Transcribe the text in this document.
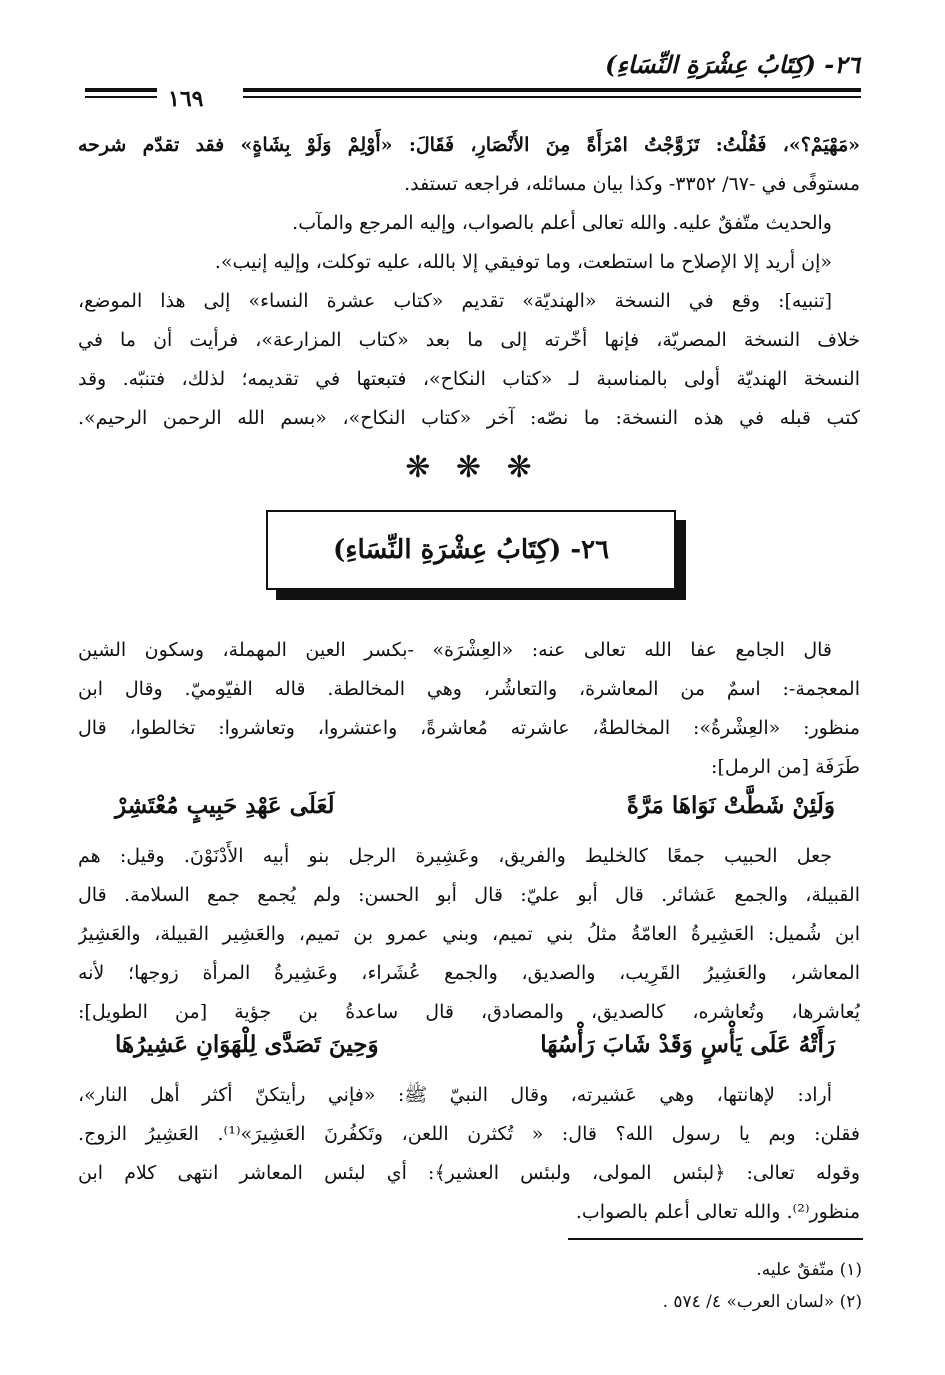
٢٦- (كِتَابُ عِشْرَةِ النِّسَاءِ)
١٦٩
«مَهْيَمْ؟»، فَقُلْتُ: تَزَوَّجْتُ امْرَأَةً مِنَ الأَنْصَارِ، فَقَالَ: «أَوْلِمْ وَلَوْ بِشَاةٍ» فقد تقدّم شرحه
مستوفًى في -٦٧/ ٣٣٥٢- وكذا بيان مسائله، فراجعه تستفد.
والحديث متّفقٌ عليه. والله تعالى أعلم بالصواب، وإليه المرجع والمآب.
«إن أريد إلا الإصلاح ما استطعت، وما توفيقي إلا بالله، عليه توكلت، وإليه إنيب».
[تنبيه]: وقع في النسخة «الهنديّة» تقديم «كتاب عشرة النساء» إلى هذا الموضع،
خلاف النسخة المصريّة، فإنها أخّرته إلى ما بعد «كتاب المزارعة»، فرأيت أن ما في
النسخة الهنديّة أولى بالمناسبة لـ «كتاب النكاح»، فتبعتها في تقديمه؛ لذلك، فتنبّه. وقد
كتب قبله في هذه النسخة: ما نصّه: آخر «كتاب النكاح»، «بسم الله الرحمن الرحيم».
❋ ❋ ❋
٢٦- (كِتَابُ عِشْرَةِ النِّسَاءِ)
قال الجامع عفا الله تعالى عنه: «العِشْرَة» -بكسر العين المهملة، وسكون الشين
المعجمة-: اسمٌ من المعاشرة، والتعاشُر، وهي المخالطة. قاله الفيّوميّ. وقال ابن
منظور: «العِشْرةُ»: المخالطةُ، عاشرته مُعاشرةً، واعتشروا، وتعاشروا: تخالطوا، قال
طَرَفَة [من الرمل]:
وَلَئِنْ شَطَّتْ نَوَاهَا مَرَّةً
لَعَلَى عَهْدِ حَبِيبٍ مُعْتَشِرْ
جعل الحبيب جمعًا كالخليط والفريق، وعَشِيرة الرجل بنو أبيه الأَدْنَوْنَ. وقيل: هم
القبيلة، والجمع عَشائر. قال أبو عليّ: قال أبو الحسن: ولم يُجمع جمع السلامة. قال
ابن شُميل: العَشِيرةُ العامّةُ مثلُ بني تميم، وبني عمرو بن تميم، والعَشِير القبيلة، والعَشِيرُ
المعاشر، والعَشِيرُ القَرِيب، والصديق، والجمع عُشَراء، وعَشِيرةُ المرأة زوجها؛ لأنه
يُعاشرها، وتُعاشره، كالصديق، والمصادق، قال ساعدةُ بن جؤية [من الطويل]:
رَأَتْهُ عَلَى يَأْسٍ وَقَدْ شَابَ رَأْسُهَا
وَحِينَ تَصَدَّى لِلْهَوَانِ عَشِيرُهَا
أراد: لإهانتها، وهي عَشيرته، وقال النبيّ ﷺ: «فإني رأيتكنّ أكثر أهل النار»،
فقلن: وبم يا رسول الله؟ قال: « تُكثرن اللعن، وتَكفُرنَ العَشِيرَ»⁽¹⁾. العَشِيرُ الزوج.
وقوله تعالى: ﴿لبئس المولى، ولبئس العشير﴾: أي لبئس المعاشر انتهى كلام ابن
منظور⁽²⁾. والله تعالى أعلم بالصواب.
(١) متّفقٌ عليه.
(٢) «لسان العرب» ٤/ ٥٧٤ .
